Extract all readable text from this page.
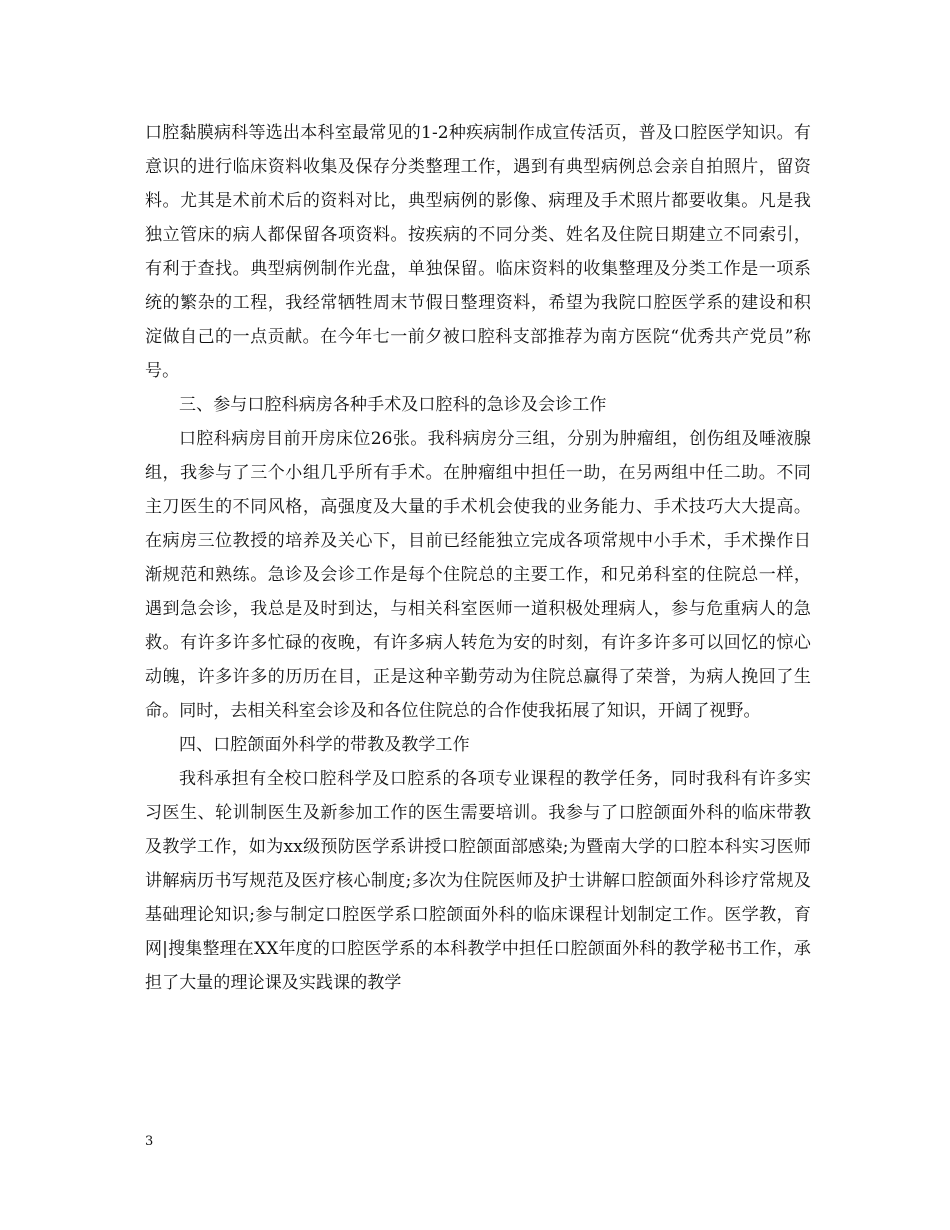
口腔黏膜病科等选出本科室最常见的1-2种疾病制作成宣传活页，普及口腔医学知识。有意识的进行临床资料收集及保存分类整理工作，遇到有典型病例总会亲自拍照片，留资料。尤其是术前术后的资料对比，典型病例的影像、病理及手术照片都要收集。凡是我独立管床的病人都保留各项资料。按疾病的不同分类、姓名及住院日期建立不同索引，有利于查找。典型病例制作光盘，单独保留。临床资料的收集整理及分类工作是一项系统的繁杂的工程，我经常牺牲周末节假日整理资料，希望为我院口腔医学系的建设和积淀做自己的一点贡献。在今年七一前夕被口腔科支部推荐为南方医院“优秀共产党员”称号。

三、参与口腔科病房各种手术及口腔科的急诊及会诊工作

口腔科病房目前开房床位26张。我科病房分三组，分别为肿瘤组，创伤组及唾液腺组，我参与了三个小组几乎所有手术。在肿瘤组中担任一助，在另两组中任二助。不同主刀医生的不同风格，高强度及大量的手术机会使我的业务能力、手术技巧大大提高。在病房三位教授的培养及关心下，目前已经能独立完成各项常规中小手术，手术操作日渐规范和熟练。急诊及会诊工作是每个住院总的主要工作，和兄弟科室的住院总一样，遇到急会诊，我总是及时到达，与相关科室医师一道积极处理病人，参与危重病人的急救。有许多许多忙碌的夜晚，有许多病人转危为安的时刻，有许多许多可以回忆的惊心动魄，许多许多的历历在目，正是这种辛勤劳动为住院总赢得了荣誉，为病人挽回了生命。同时，去相关科室会诊及和各位住院总的合作使我拓展了知识，开阔了视野。

四、口腔颌面外科学的带教及教学工作

我科承担有全校口腔科学及口腔系的各项专业课程的教学任务，同时我科有许多实习医生、轮训制医生及新参加工作的医生需要培训。我参与了口腔颌面外科的临床带教及教学工作，如为xx级预防医学系讲授口腔颌面部感染;为暨南大学的口腔本科实习医师讲解病历书写规范及医疗核心制度;多次为住院医师及护士讲解口腔颌面外科诊疗常规及基础理论知识;参与制定口腔医学系口腔颌面外科的临床课程计划制定工作。医学教，育网|搜集整理在XX年度的口腔医学系的本科教学中担任口腔颌面外科的教学秘书工作，承担了大量的理论课及实践课的教学

3
